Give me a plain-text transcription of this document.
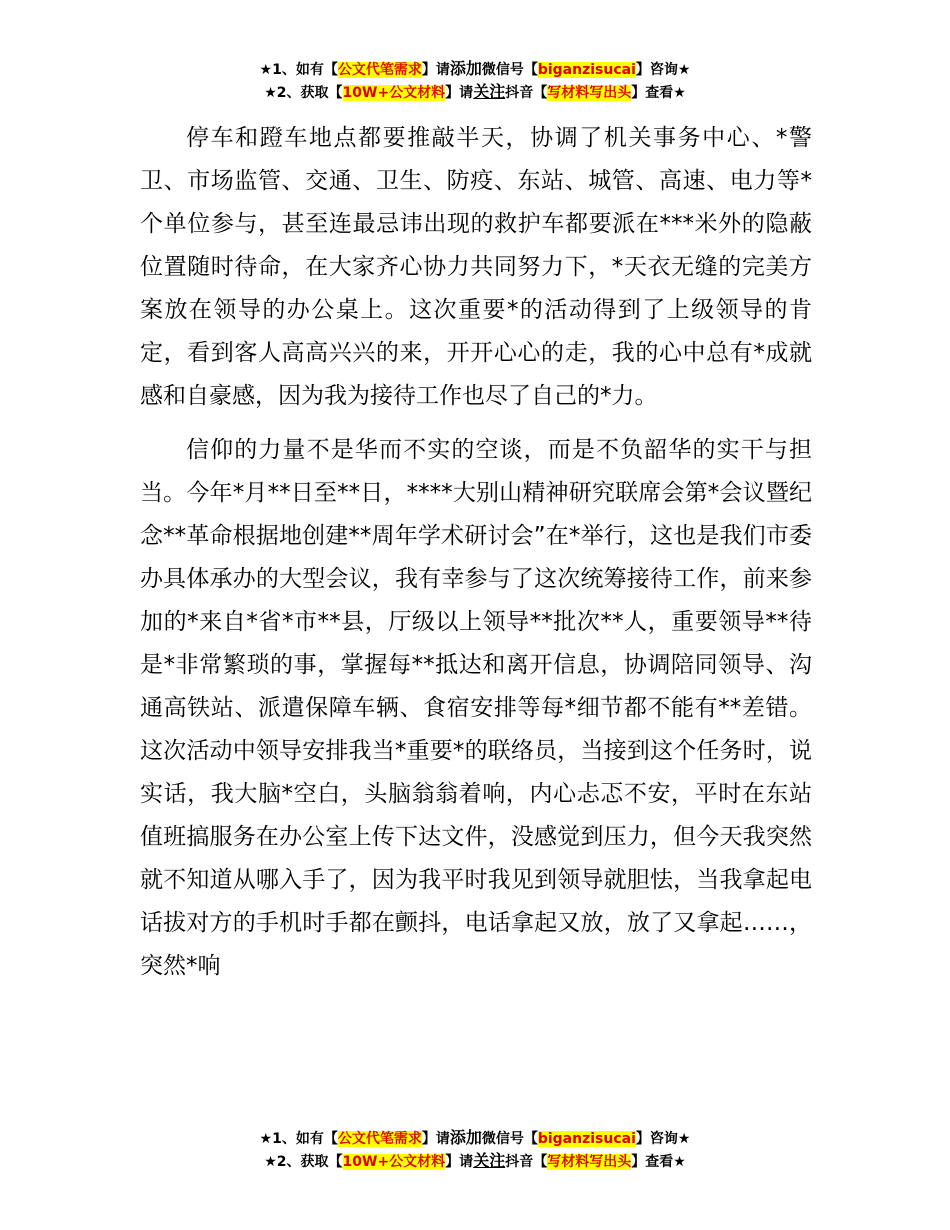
★1、如有【公文代笔需求】请添加微信号【biganzisucai】咨询★
★2、获取【10W+公文材料】请关注抖音【写材料写出头】查看★

停车和蹬车地点都要推敲半天，协调了机关事务中心、*警卫、市场监管、交通、卫生、防疫、东站、城管、高速、电力等*个单位参与，甚至连最忌讳出现的救护车都要派在***米外的隐蔽位置随时待命，在大家齐心协力共同努力下，*天衣无缝的完美方案放在领导的办公桌上。这次重要*的活动得到了上级领导的肯定，看到客人高高兴兴的来，开开心心的走，我的心中总有*成就感和自豪感，因为我为接待工作也尽了自己的*力。

信仰的力量不是华而不实的空谈，而是不负韶华的实干与担当。今年*月**日至**日，****大别山精神研究联席会第*会议暨纪念**革命根据地创建**周年学术研讨会”在*举行，这也是我们市委办具体承办的大型会议，我有幸参与了这次统筹接待工作，前来参加的*来自*省*市**县，厅级以上领导**批次**人，重要领导**待是*非常繁琐的事，掌握每**抵达和离开信息，协调陪同领导、沟通高铁站、派遣保障车辆、食宿安排等每*细节都不能有**差错。这次活动中领导安排我当*重要*的联络员，当接到这个任务时，说实话，我大脑*空白，头脑翁翁着响，内心忐忑不安，平时在东站值班搞服务在办公室上传下达文件，没感觉到压力，但今天我突然就不知道从哪入手了，因为我平时我见到领导就胆怯，当我拿起电话拔对方的手机时手都在颤抖，电话拿起又放，放了又拿起……，突然*响

★1、如有【公文代笔需求】请添加微信号【biganzisucai】咨询★
★2、获取【10W+公文材料】请关注抖音【写材料写出头】查看★
